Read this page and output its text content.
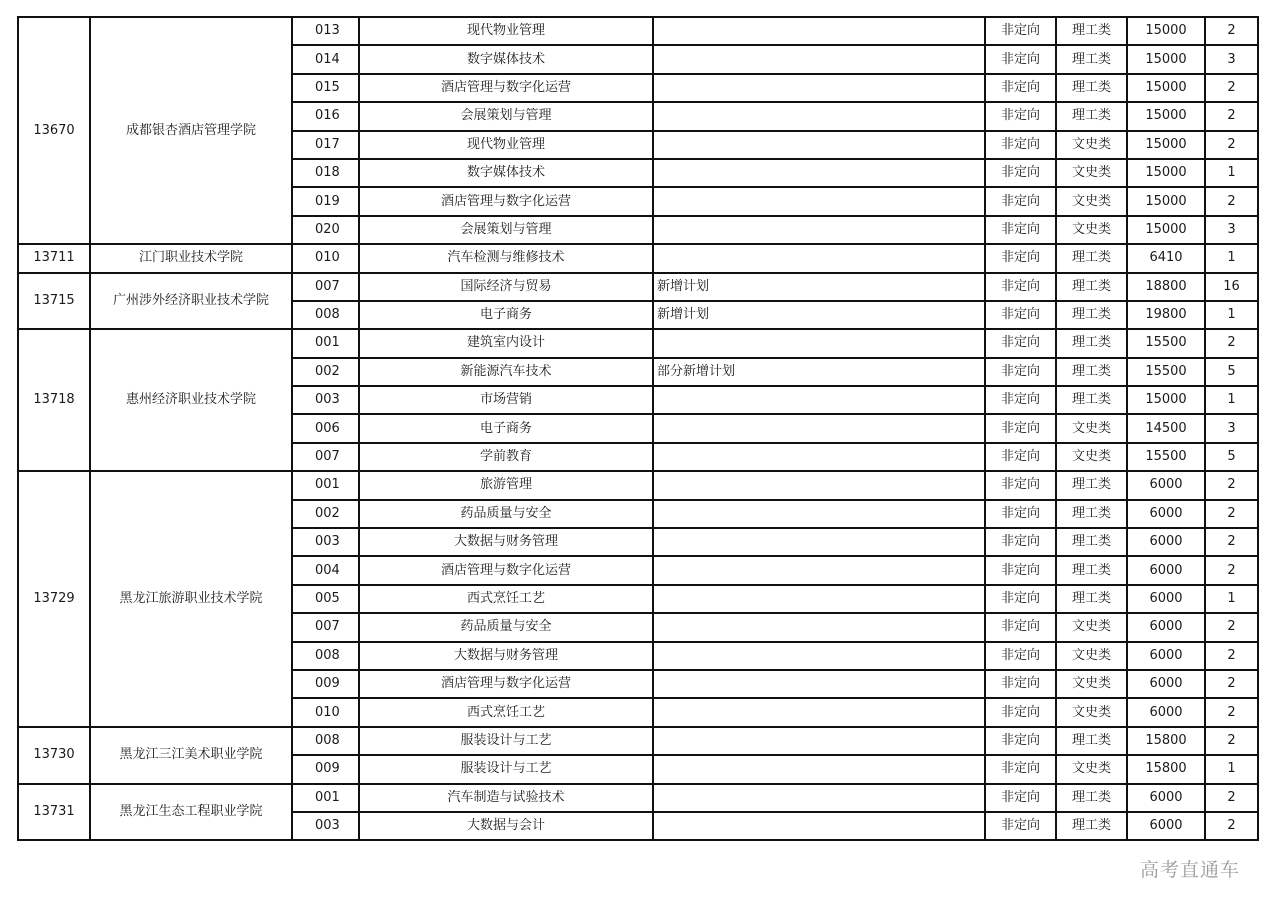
13670	成都银杏酒店管理学院	013	现代物业管理		非定向	理工类	15000	2
		014	数字媒体技术		非定向	理工类	15000	3
		015	酒店管理与数字化运营		非定向	理工类	15000	2
		016	会展策划与管理		非定向	理工类	15000	2
		017	现代物业管理		非定向	文史类	15000	2
		018	数字媒体技术		非定向	文史类	15000	1
		019	酒店管理与数字化运营		非定向	文史类	15000	2
		020	会展策划与管理		非定向	文史类	15000	3
13711	江门职业技术学院	010	汽车检测与维修技术		非定向	理工类	6410	1
13715	广州涉外经济职业技术学院	007	国际经济与贸易	新增计划	非定向	理工类	18800	16
		008	电子商务	新增计划	非定向	理工类	19800	1
13718	惠州经济职业技术学院	001	建筑室内设计		非定向	理工类	15500	2
		002	新能源汽车技术	部分新增计划	非定向	理工类	15500	5
		003	市场营销		非定向	理工类	15000	1
		006	电子商务		非定向	文史类	14500	3
		007	学前教育		非定向	文史类	15500	5
13729	黑龙江旅游职业技术学院	001	旅游管理		非定向	理工类	6000	2
		002	药品质量与安全		非定向	理工类	6000	2
		003	大数据与财务管理		非定向	理工类	6000	2
		004	酒店管理与数字化运营		非定向	理工类	6000	2
		005	西式烹饪工艺		非定向	理工类	6000	1
		007	药品质量与安全		非定向	文史类	6000	2
		008	大数据与财务管理		非定向	文史类	6000	2
		009	酒店管理与数字化运营		非定向	文史类	6000	2
		010	西式烹饪工艺		非定向	文史类	6000	2
13730	黑龙江三江美术职业学院	008	服装设计与工艺		非定向	理工类	15800	2
		009	服装设计与工艺		非定向	文史类	15800	1
13731	黑龙江生态工程职业学院	001	汽车制造与试验技术		非定向	理工类	6000	2
		003	大数据与会计		非定向	理工类	6000	2
高考直通车
